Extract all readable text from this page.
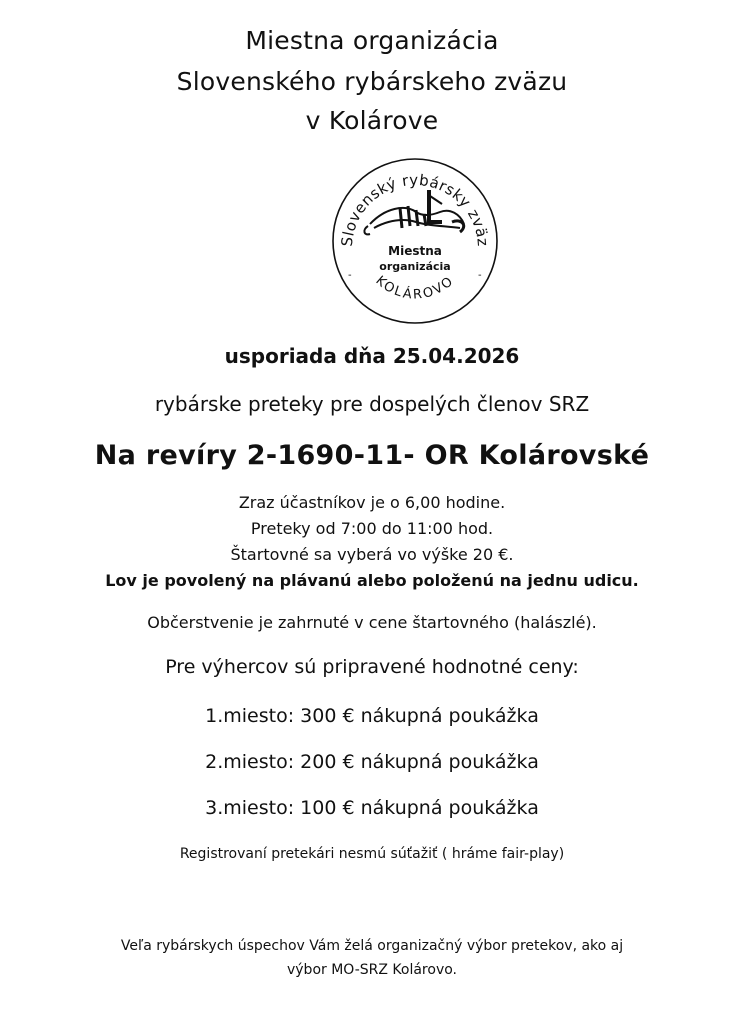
Miestna organizácia
Slovenského rybárskeho zväzu
v Kolárove
Slovenský rybársky zväz
KOLÁROVO
Miestna
organizácia
-	-
usporiada dňa 25.04.2026
rybárske preteky pre dospelých členov SRZ
Na revíry 2-1690-11- OR Kolárovské
Zraz účastníkov je o 6,00 hodine.
Preteky od 7:00 do 11:00 hod.
Štartovné sa vyberá vo výške 20 €.
Lov je povolený na plávanú alebo položenú na jednu udicu.
Občerstvenie je zahrnuté v cene štartovného (halászlé).
Pre výhercov sú pripravené hodnotné ceny:
1.miesto: 300 € nákupná poukážka
2.miesto: 200 € nákupná poukážka
3.miesto: 100 € nákupná poukážka
Registrovaní pretekári nesmú súťažiť ( hráme fair-play)
Veľa rybárskych úspechov Vám želá organizačný výbor pretekov, ako aj
výbor MO-SRZ Kolárovo.
